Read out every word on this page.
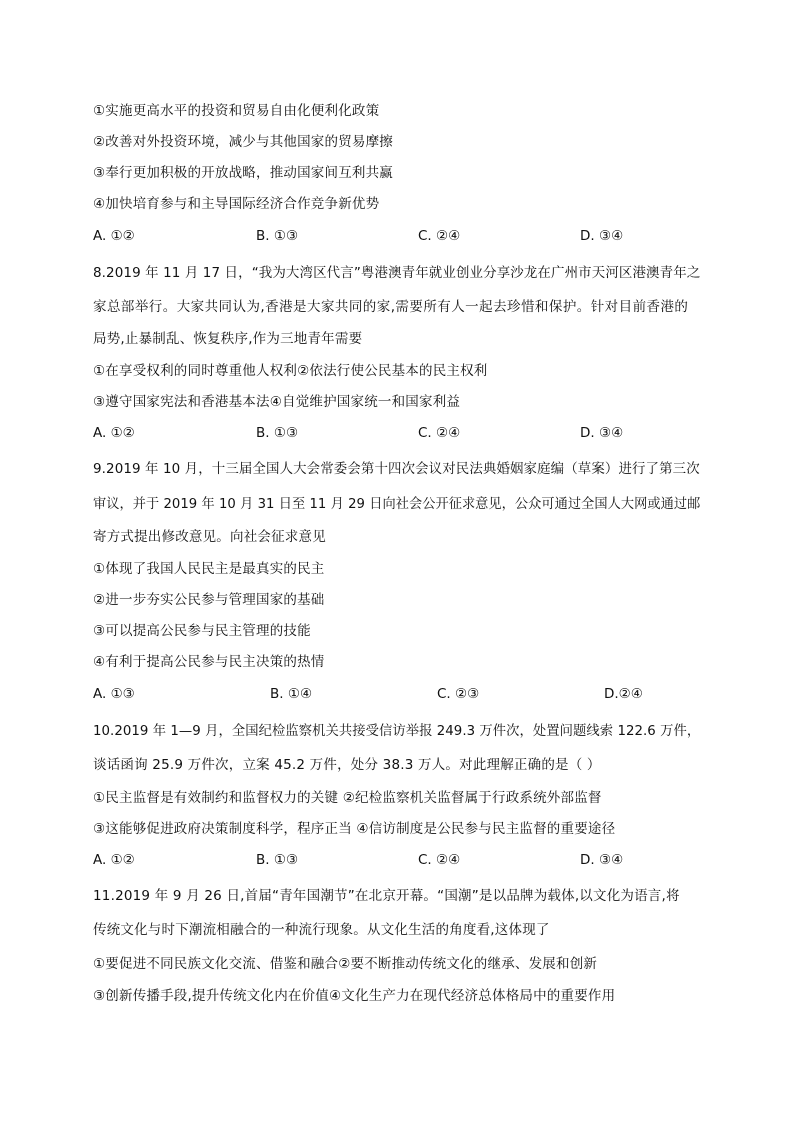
①实施更高水平的投资和贸易自由化便利化政策
②改善对外投资环境，减少与其他国家的贸易摩擦
③奉行更加积极的开放战略，推动国家间互利共赢
④加快培育参与和主导国际经济合作竞争新优势
A. ①②	B. ①③	C. ②④	D. ③④
8.2019 年 11 月 17 日，“我为大湾区代言”粤港澳青年就业创业分享沙龙在广州市天河区港澳青年之
家总部举行。大家共同认为,香港是大家共同的家,需要所有人一起去珍惜和保护。针对目前香港的
局势,止暴制乱、恢复秩序,作为三地青年需要
①在享受权利的同时尊重他人权利②依法行使公民基本的民主权利
③遵守国家宪法和香港基本法④自觉维护国家统一和国家利益
A. ①②	B. ①③	C. ②④	D. ③④
9.2019 年 10 月，十三届全国人大会常委会第十四次会议对民法典婚姻家庭编（草案）进行了第三次
审议，并于 2019 年 10 月 31 日至 11 月 29 日向社会公开征求意见，公众可通过全国人大网或通过邮
寄方式提出修改意见。向社会征求意见
①体现了我国人民民主是最真实的民主
②进一步夯实公民参与管理国家的基础
③可以提高公民参与民主管理的技能
④有利于提高公民参与民主决策的热情
A. ①③	B. ①④	C. ②③	D.②④
10.2019 年 1—9 月，全国纪检监察机关共接受信访举报 249.3 万件次，处置问题线索 122.6 万件，
谈话函询 25.9 万件次，立案 45.2 万件，处分 38.3 万人。对此理解正确的是（ ）
①民主监督是有效制约和监督权力的关键 ②纪检监察机关监督属于行政系统外部监督
③这能够促进政府决策制度科学，程序正当 ④信访制度是公民参与民主监督的重要途径
A. ①②	B. ①③	C. ②④	D. ③④
11.2019 年 9 月 26 日,首届“青年国潮节”在北京开幕。“国潮”是以品牌为载体,以文化为语言,将
传统文化与时下潮流相融合的一种流行现象。从文化生活的角度看,这体现了
①要促进不同民族文化交流、借鉴和融合②要不断推动传统文化的继承、发展和创新
③创新传播手段,提升传统文化内在价值④文化生产力在现代经济总体格局中的重要作用
